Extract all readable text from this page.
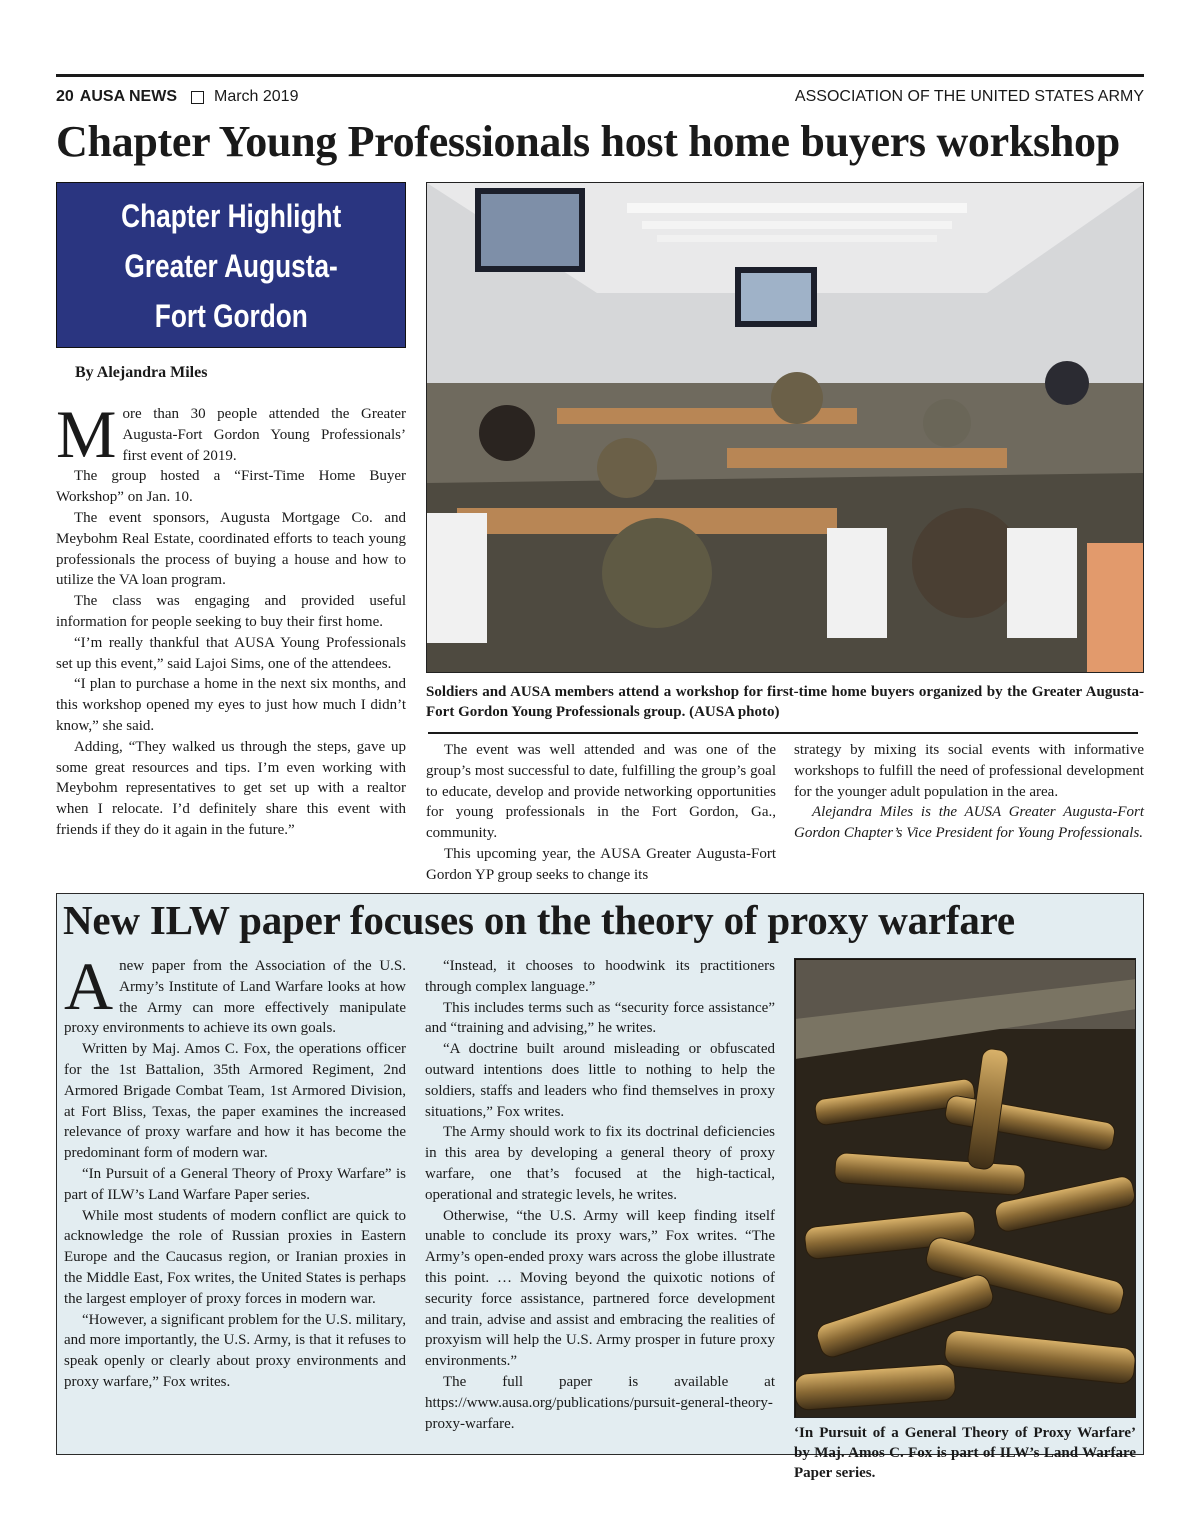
20 AUSA NEWS March 2019	ASSOCIATION OF THE UNITED STATES ARMY
Chapter Young Professionals host home buyers workshop
Chapter Highlight
Greater Augusta-
Fort Gordon
By Alejandra Miles

More than 30 people attended the Greater Augusta-Fort Gordon Young Professionals’ first event of 2019.

The group hosted a “First-Time Home Buyer Workshop” on Jan. 10.

The event sponsors, Augusta Mortgage Co. and Meybohm Real Estate, coordinated efforts to teach young professionals the process of buying a house and how to utilize the VA loan program.

The class was engaging and provided useful information for people seeking to buy their first home.

“I’m really thankful that AUSA Young Professionals set up this event,” said Lajoi Sims, one of the attendees.

“I plan to purchase a home in the next six months, and this workshop opened my eyes to just how much I didn’t know,” she said.

Adding, “They walked us through the steps, gave up some great resources and tips. I’m even working with Meybohm representatives to get set up with a realtor when I relocate. I’d definitely share this event with friends if they do it again in the future.”

Soldiers and AUSA members attend a workshop for first-time home buyers organized by the Greater Augusta-Fort Gordon Young Professionals group. (AUSA photo)

The event was well attended and was one of the group’s most successful to date, fulfilling the group’s goal to educate, develop and provide networking opportunities for young professionals in the Fort Gordon, Ga., community.

This upcoming year, the AUSA Greater Augusta-Fort Gordon YP group seeks to change its

strategy by mixing its social events with informative workshops to fulfill the need of professional development for the younger adult population in the area.

Alejandra Miles is the AUSA Greater Augusta-Fort Gordon Chapter’s Vice President for Young Professionals.

New ILW paper focuses on the theory of proxy warfare

Anew paper from the Association of the U.S. Army’s Institute of Land Warfare looks at how the Army can more effectively manipulate proxy environments to achieve its own goals.

Written by Maj. Amos C. Fox, the operations officer for the 1st Battalion, 35th Armored Regiment, 2nd Armored Brigade Combat Team, 1st Armored Division, at Fort Bliss, Texas, the paper examines the increased relevance of proxy warfare and how it has become the predominant form of modern war.

“In Pursuit of a General Theory of Proxy Warfare” is part of ILW’s Land Warfare Paper series.

While most students of modern conflict are quick to acknowledge the role of Russian proxies in Eastern Europe and the Caucasus region, or Iranian proxies in the Middle East, Fox writes, the United States is perhaps the largest employer of proxy forces in modern war.

“However, a significant problem for the U.S. military, and more importantly, the U.S. Army, is that it refuses to speak openly or clearly about proxy environments and proxy warfare,” Fox writes.

“Instead, it chooses to hoodwink its practitioners through complex language.”

This includes terms such as “security force assistance” and “training and advising,” he writes.

“A doctrine built around misleading or obfuscated outward intentions does little to nothing to help the soldiers, staffs and leaders who find themselves in proxy situations,” Fox writes.

The Army should work to fix its doctrinal deficiencies in this area by developing a general theory of proxy warfare, one that’s focused at the high-tactical, operational and strategic levels, he writes.

Otherwise, “the U.S. Army will keep finding itself unable to conclude its proxy wars,” Fox writes. “The Army’s open-ended proxy wars across the globe illustrate this point. … Moving beyond the quixotic notions of security force assistance, partnered force development and train, advise and assist and embracing the realities of proxyism will help the U.S. Army prosper in future proxy environments.”

The full paper is available at https://www.ausa.org/publications/pursuit-general-theory-proxy-warfare.

‘In Pursuit of a General Theory of Proxy Warfare’ by Maj. Amos C. Fox is part of ILW’s Land Warfare Paper series.
